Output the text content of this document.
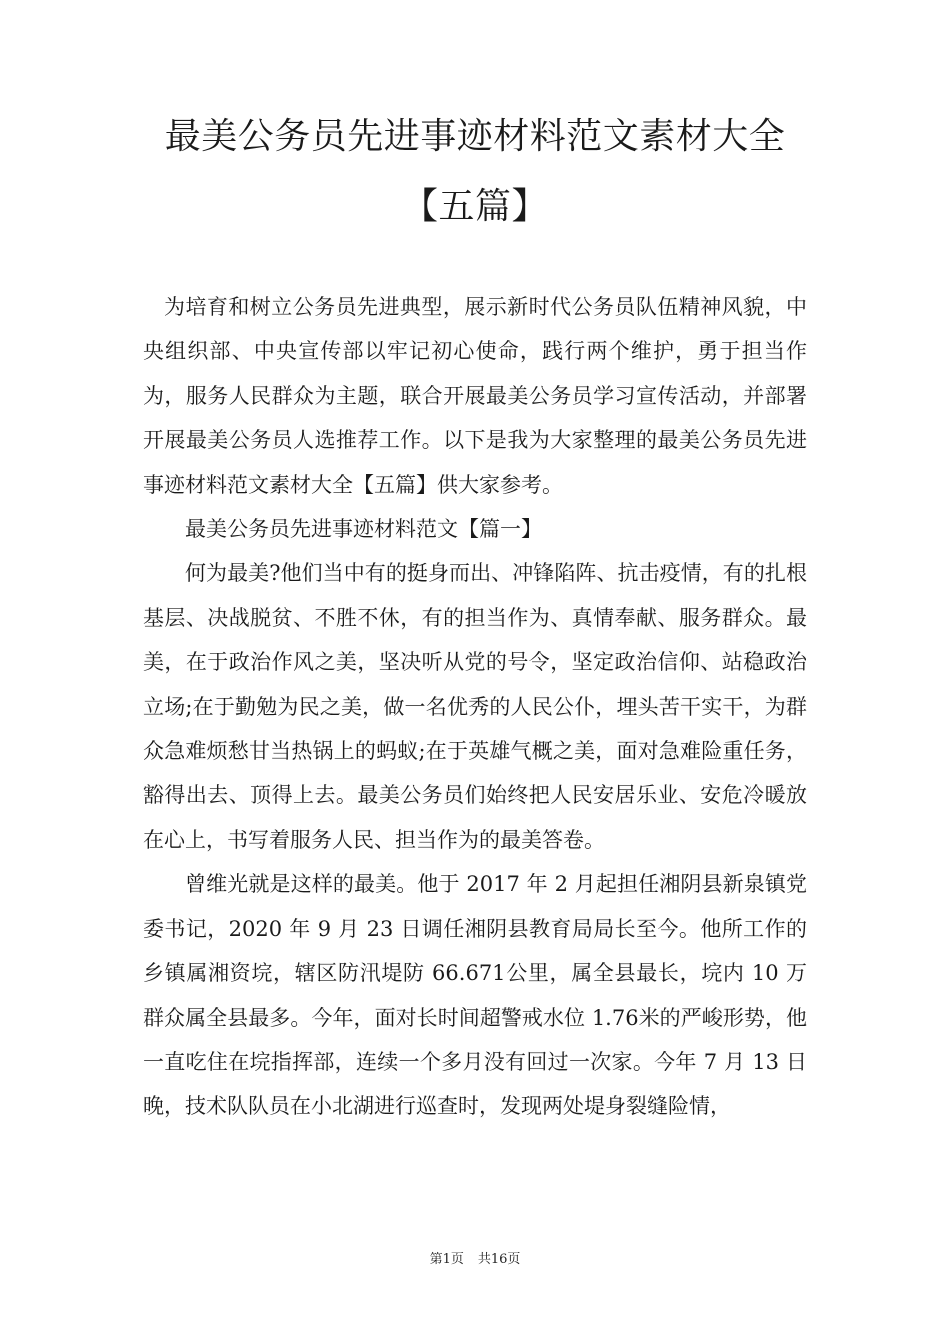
最美公务员先进事迹材料范文素材大全【五篇】

为培育和树立公务员先进典型，展示新时代公务员队伍精神风貌，中央组织部、中央宣传部以牢记初心使命，践行两个维护，勇于担当作为，服务人民群众为主题，联合开展最美公务员学习宣传活动，并部署开展最美公务员人选推荐工作。以下是我为大家整理的最美公务员先进事迹材料范文素材大全【五篇】供大家参考。

最美公务员先进事迹材料范文【篇一】

何为最美?他们当中有的挺身而出、冲锋陷阵、抗击疫情，有的扎根基层、决战脱贫、不胜不休，有的担当作为、真情奉献、服务群众。最美，在于政治作风之美，坚决听从党的号令，坚定政治信仰、站稳政治立场;在于勤勉为民之美，做一名优秀的人民公仆，埋头苦干实干，为群众急难烦愁甘当热锅上的蚂蚁;在于英雄气概之美，面对急难险重任务，豁得出去、顶得上去。最美公务员们始终把人民安居乐业、安危冷暖放在心上，书写着服务人民、担当作为的最美答卷。

曾维光就是这样的最美。他于 2017 年 2 月起担任湘阴县新泉镇党委书记，2020 年 9 月 23 日调任湘阴县教育局局长至今。他所工作的乡镇属湘资垸，辖区防汛堤防 66.671公里，属全县最长，垸内 10 万群众属全县最多。今年，面对长时间超警戒水位 1.76米的严峻形势，他一直吃住在垸指挥部，连续一个多月没有回过一次家。今年 7 月 13 日晚，技术队队员在小北湖进行巡查时，发现两处堤身裂缝险情，

第1页 共16页
